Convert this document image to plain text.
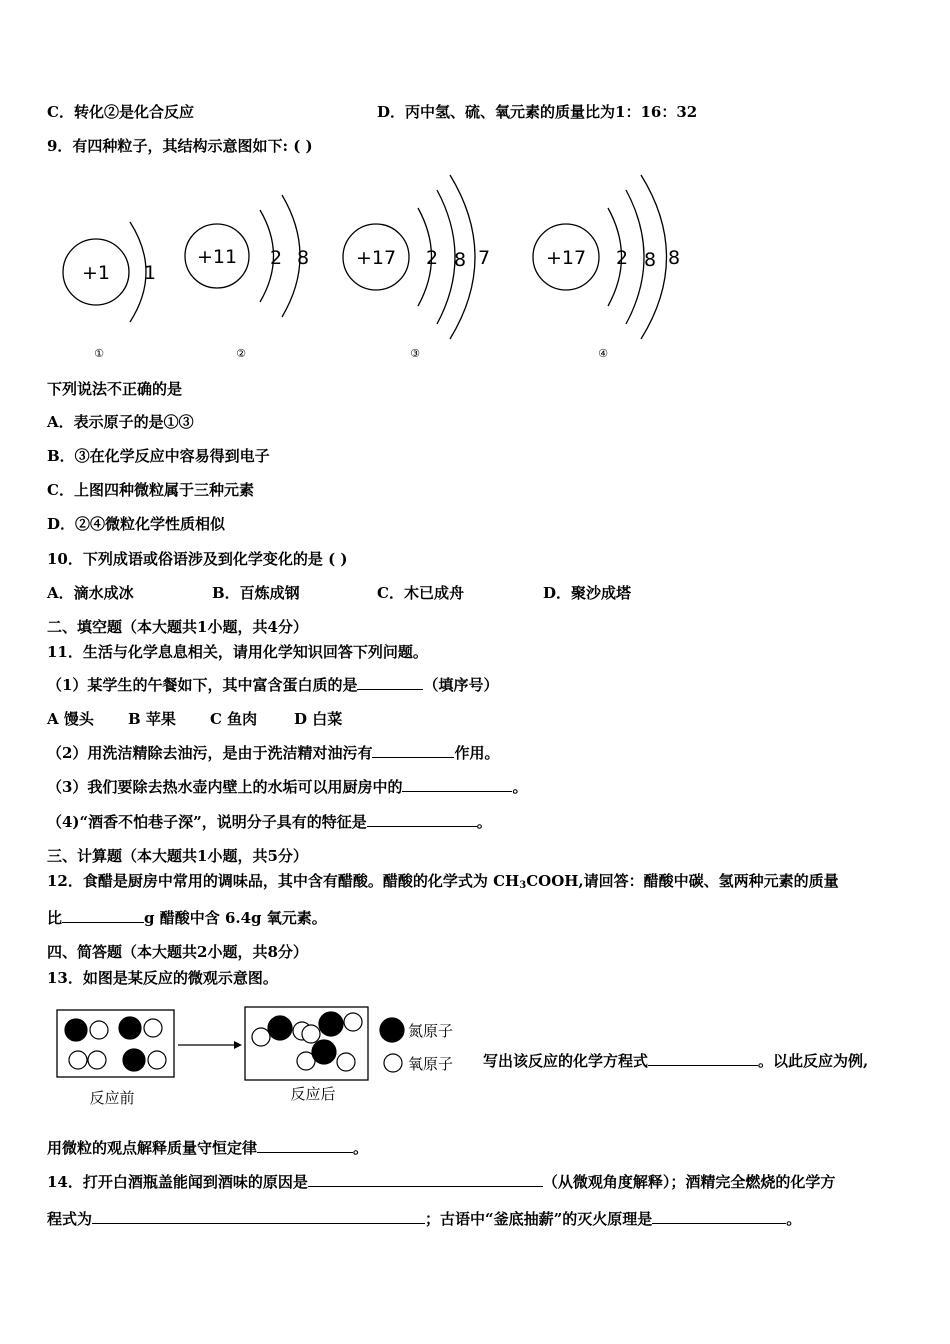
C．转化②是化合反应	D．丙中氢、硫、氧元素的质量比为1：16：32
9．有四种粒子，其结构示意图如下: ( )
+1 1
+11 2 8 +17 2 8 7	+17 2 8 8
①	②	③	④
下列说法不正确的是
A．表示原子的是①③
B．③在化学反应中容易得到电子
C．上图四种微粒属于三种元素
D．②④微粒化学性质相似
10．下列成语或俗语涉及到化学变化的是 ( )
A．滴水成冰	B．百炼成钢	C．木已成舟	D．聚沙成塔
二、填空题（本大题共1小题，共4分）
11．生活与化学息息相关，请用化学知识回答下列问题。
（1）某学生的午餐如下，其中富含蛋白质的是	（填序号）
A 馒头 B 苹果 C 鱼肉 D 白菜
（2）用洗洁精除去油污，是由于洗洁精对油污有	作用。
（3）我们要除去热水壶内壁上的水垢可以用厨房中的	。
（4)“酒香不怕巷子深”，说明分子具有的特征是	。
三、计算题（本大题共1小题，共5分）
12．食醋是厨房中常用的调味品，其中含有醋酸。醋酸的化学式为 $CH_3COOH$,请回答：醋酸中碳、氢两种元素的质量
比	g 醋酸中含 6.4g 氧元素。
四、简答题（本大题共2小题，共8分）
13．如图是某反应的微观示意图。
氮原子
氧原子
反应前	反应后
写出该反应的化学方程式	。以此反应为例,
用微粒的观点解释质量守恒定律	。
14．打开白酒瓶盖能闻到酒味的原因是	（从微观角度解释）；酒精完全燃烧的化学方
程式为	；古语中“釜底抽薪”的灭火原理是	。
